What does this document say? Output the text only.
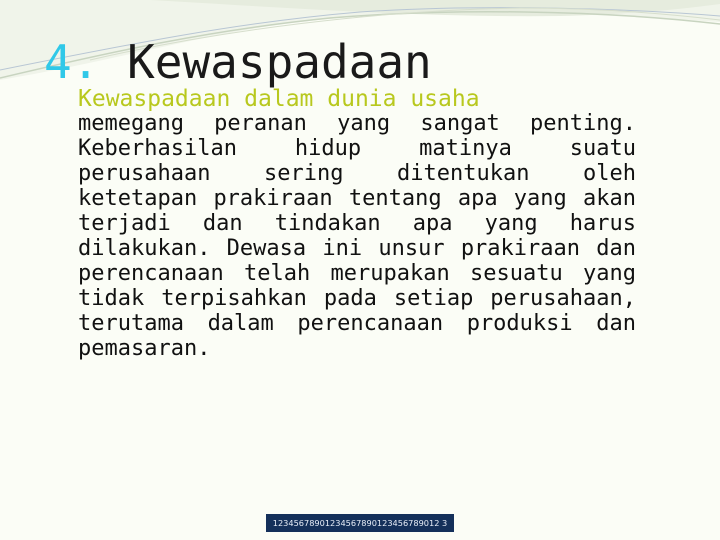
4. Kewaspadaan
Kewaspadaan dalam dunia usaha
memegang peranan yang sangat penting. Keberhasilan hidup matinya suatu perusahaan sering ditentukan oleh ketetapan prakiraan tentang apa yang akan terjadi dan tindakan apa yang harus dilakukan. Dewasa ini unsur prakiraan dan perencanaan telah merupakan sesuatu yang tidak terpisahkan pada setiap perusahaan, terutama dalam perencanaan produksi dan pemasaran.
12345678901234567890123456789012 3
